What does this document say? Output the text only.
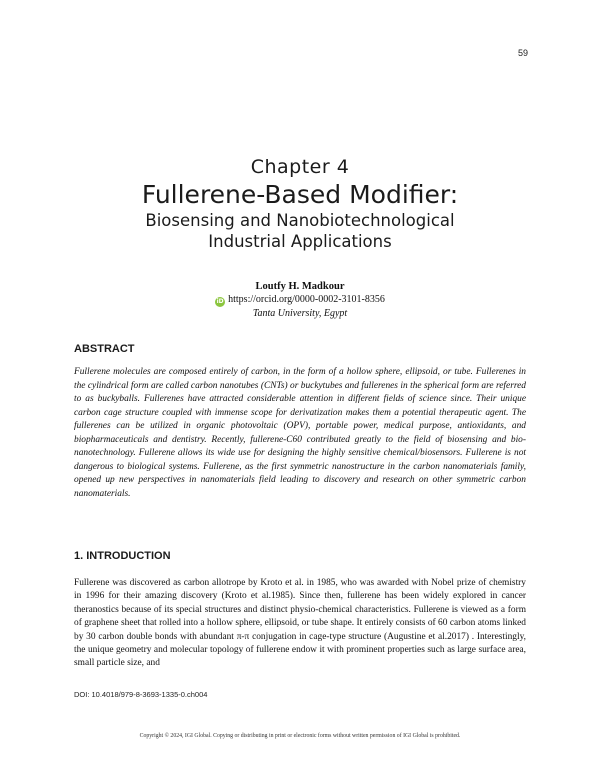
59
Chapter 4
Fullerene-Based Modifier:
Biosensing and Nanobiotechnological
Industrial Applications
Loutfy H. Madkour
iD https://orcid.org/0000-0002-3101-8356
Tanta University, Egypt
ABSTRACT

Fullerene molecules are composed entirely of carbon, in the form of a hollow sphere, ellipsoid, or tube. Fullerenes in the cylindrical form are called carbon nanotubes (CNTs) or buckytubes and fullerenes in the spherical form are referred to as buckyballs. Fullerenes have attracted considerable attention in different fields of science since. Their unique carbon cage structure coupled with immense scope for derivatization makes them a potential therapeutic agent. The fullerenes can be utilized in organic photovoltaic (OPV), portable power, medical purpose, antioxidants, and biopharmaceuticals and dentistry. Recently, fullerene-C60 contributed greatly to the field of biosensing and bio-nanotechnology. Fullerene allows its wide use for designing the highly sensitive chemical/biosensors. Fullerene is not dangerous to biological systems. Fullerene, as the first symmetric nanostructure in the carbon nanomaterials family, opened up new perspectives in nanomaterials field leading to discovery and research on other symmetric carbon nanomaterials.

1. INTRODUCTION

Fullerene was discovered as carbon allotrope by Kroto et al. in 1985, who was awarded with Nobel prize of chemistry in 1996 for their amazing discovery (Kroto et al.1985). Since then, fullerene has been widely explored in cancer theranostics because of its special structures and distinct physio-chemical characteristics. Fullerene is viewed as a form of graphene sheet that rolled into a hollow sphere, ellipsoid, or tube shape. It entirely consists of 60 carbon atoms linked by 30 carbon double bonds with abundant π-π conjugation in cage-type structure (Augustine et al.2017) . Interestingly, the unique geometry and molecular topology of fullerene endow it with prominent properties such as large surface area, small particle size, and

DOI: 10.4018/979-8-3693-1335-0.ch004
Copyright © 2024, IGI Global. Copying or distributing in print or electronic forms without written permission of IGI Global is prohibited.
